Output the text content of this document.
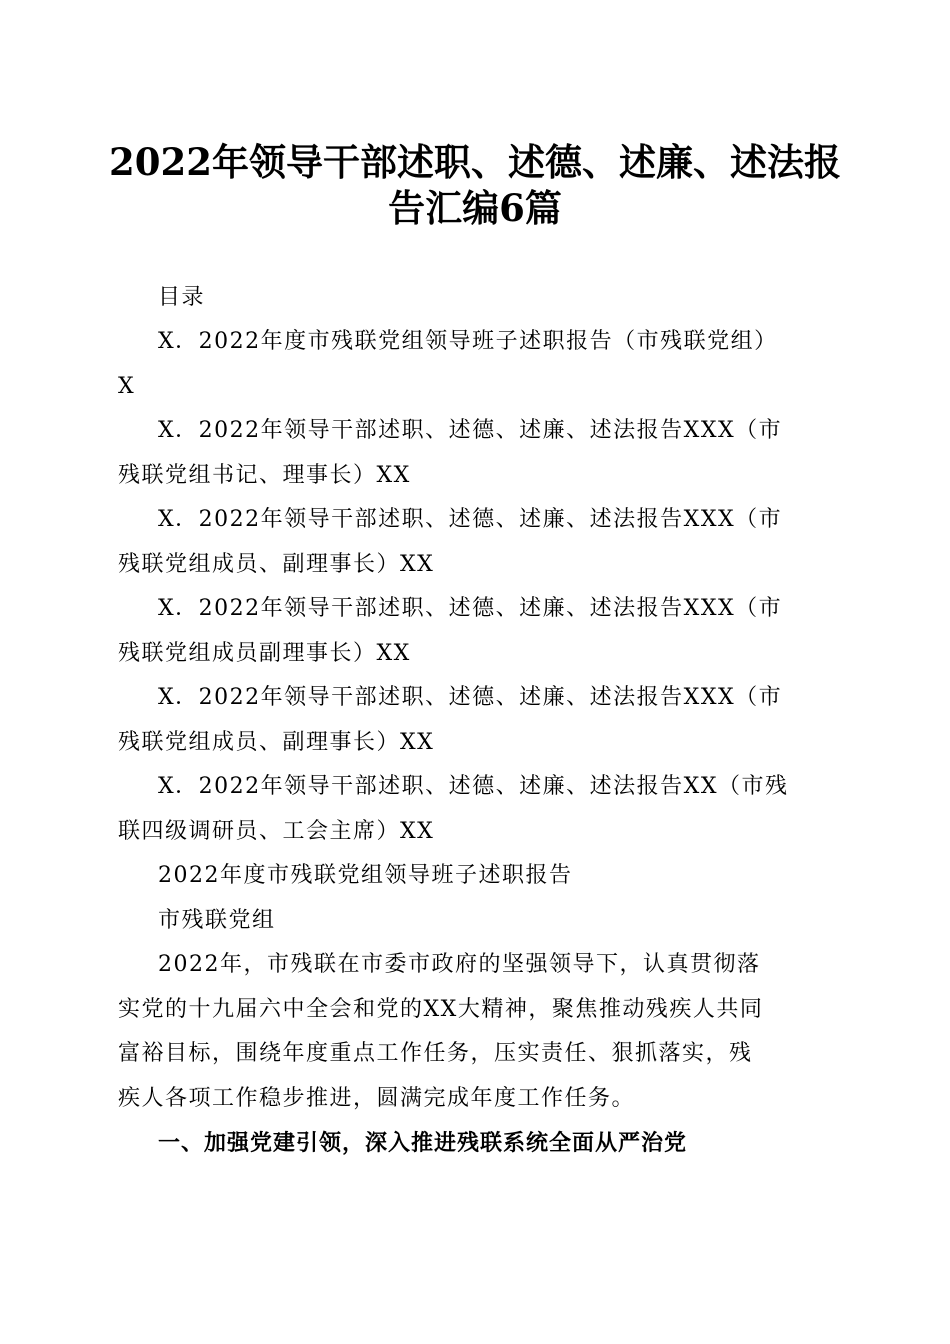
2022年领导干部述职、述德、述廉、述法报
告汇编6篇
目录
X．2022年度市残联党组领导班子述职报告（市残联党组）
X
X．2022年领导干部述职、述德、述廉、述法报告XXX（市
残联党组书记、理事长）XX
X．2022年领导干部述职、述德、述廉、述法报告XXX（市
残联党组成员、副理事长）XX
X．2022年领导干部述职、述德、述廉、述法报告XXX（市
残联党组成员副理事长）XX
X．2022年领导干部述职、述德、述廉、述法报告XXX（市
残联党组成员、副理事长）XX
X．2022年领导干部述职、述德、述廉、述法报告XX（市残
联四级调研员、工会主席）XX
2022年度市残联党组领导班子述职报告
市残联党组
2022年，市残联在市委市政府的坚强领导下，认真贯彻落
实党的十九届六中全会和党的XX大精神，聚焦推动残疾人共同
富裕目标，围绕年度重点工作任务，压实责任、狠抓落实，残
疾人各项工作稳步推进，圆满完成年度工作任务。
一、加强党建引领，深入推进残联系统全面从严治党
